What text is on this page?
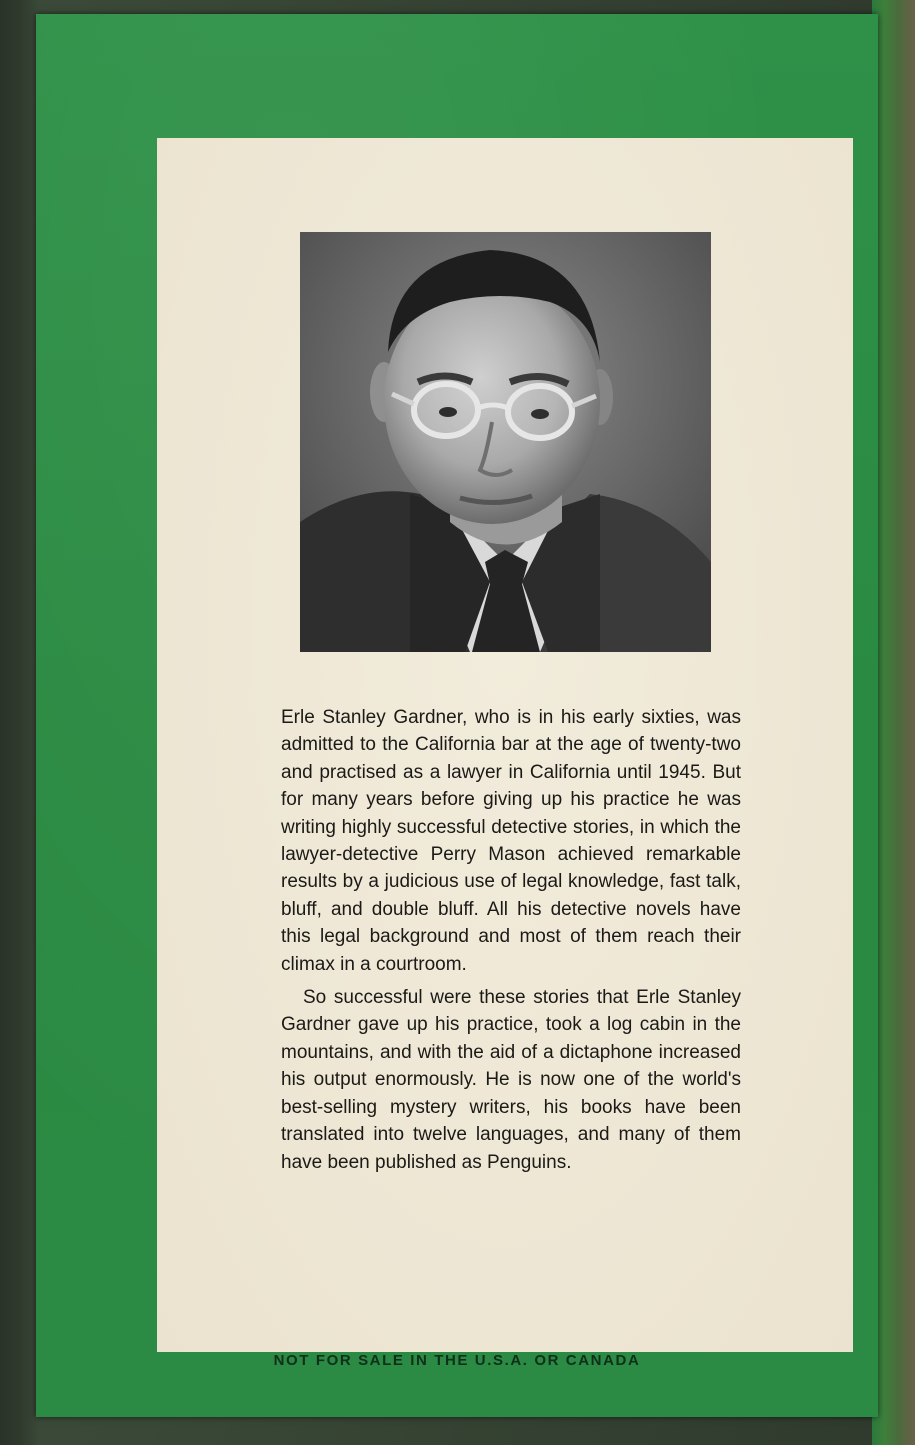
Erle Stanley Gardner, who is in his early sixties, was admitted to the California bar at the age of twenty-two and practised as a lawyer in California until 1945. But for many years before giving up his practice he was writing highly successful detective stories, in which the lawyer-detective Perry Mason achieved remarkable results by a judicious use of legal knowledge, fast talk, bluff, and double bluff. All his detective novels have this legal background and most of them reach their climax in a courtroom.

So successful were these stories that Erle Stanley Gardner gave up his practice, took a log cabin in the mountains, and with the aid of a dictaphone increased his output enormously. He is now one of the world's best-selling mystery writers, his books have been translated into twelve languages, and many of them have been published as Penguins.

NOT FOR SALE IN THE U.S.A. OR CANADA
